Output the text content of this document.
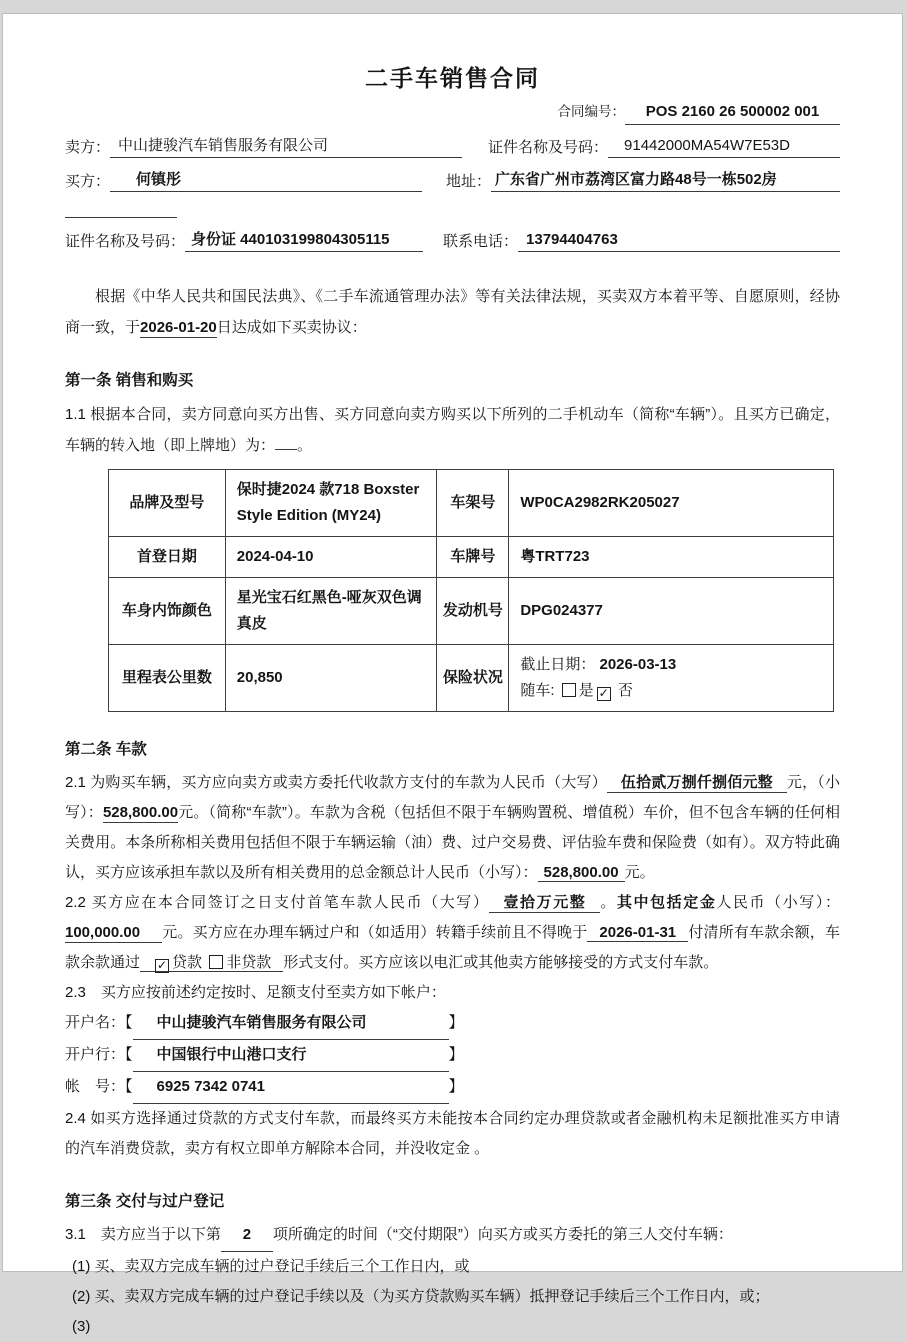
二手车销售合同
合同编号： POS 2160 26 500002 001
卖方： 中山捷骏汽车销售服务有限公司	证件名称及号码：	91442000MA54W7E53D
买方：	何镇彤	地址： 广东省广州市荔湾区富力路48号一栋502房
证件名称及号码： 身份证 440103199804305115	联系电话： 13794404763

根据《中华人民共和国民法典》、《二手车流通管理办法》等有关法律法规，买卖双方本着平等、自愿原则，经协商一致，于2026-01-20日达成如下买卖协议：

第一条 销售和购买

1.1 根据本合同，卖方同意向买方出售、买方同意向卖方购买以下所列的二手机动车（简称“车辆”）。且买方已确定，车辆的转入地（即上牌地）为： 。

品牌及型号	保时捷2024 款718 Boxster Style Edition (MY24)	车架号	WP0CA2982RK205027
首登日期	2024-04-10	车牌号	粤TRT723
车身内饰颜色	星光宝石红黑色-哑灰双色调真皮	发动机号	DPG024377
里程表公里数	20,850	保险状况	截止日期： 2026-03-13
随车: 是 ✓ 否
第二条 车款

2.1 为购买车辆，买方应向卖方或卖方委托代收款方支付的车款为人民币（大写） 伍拾贰万捌仟捌佰元整 元，（小写）：528,800.00元。（简称“车款”）。车款为含税（包括但不限于车辆购置税、增值税）车价，但不包含车辆的任何相关费用。本条所称相关费用包括但不限于车辆运输（油）费、过户交易费、评估验车费和保险费（如有）。双方特此确认，买方应该承担车款以及所有相关费用的总金额总计人民币（小写）： 528,800.00 元。

2.2 买方应在本合同签订之日支付首笔车款人民币（大写） 壹拾万元整 。其中包括定金人民币（小写）：100,000.00 元。买方应在办理车辆过户和（如适用）转籍手续前且不得晚于 2026-01-31 付清所有车款余额，车款余款通过 ✓ 贷款 非贷款 形式支付。买方应该以电汇或其他卖方能够接受的方式支付车款。

2.3　买方应按前述约定按时、足额支付至卖方如下帐户：

开户名：【 中山捷骏汽车销售服务有限公司	】
开户行：【 中国银行中山港口支行	】
帐　号：【 6925 7342 0741	】

2.4 如买方选择通过贷款的方式支付车款，而最终买方未能按本合同约定办理贷款或者金融机构未足额批准买方申请的汽车消费贷款，卖方有权立即单方解除本合同，并没收定金 。

第三条 交付与过户登记

3.1　卖方应当于以下第 2 项所确定的时间（“交付期限”）向买方或买方委托的第三人交付车辆：

(1) 买、卖双方完成车辆的过户登记手续后三个工作日内，或

(2) 买、卖双方完成车辆的过户登记手续以及（为买方贷款购买车辆）抵押登记手续后三个工作日内，或；

(3)
